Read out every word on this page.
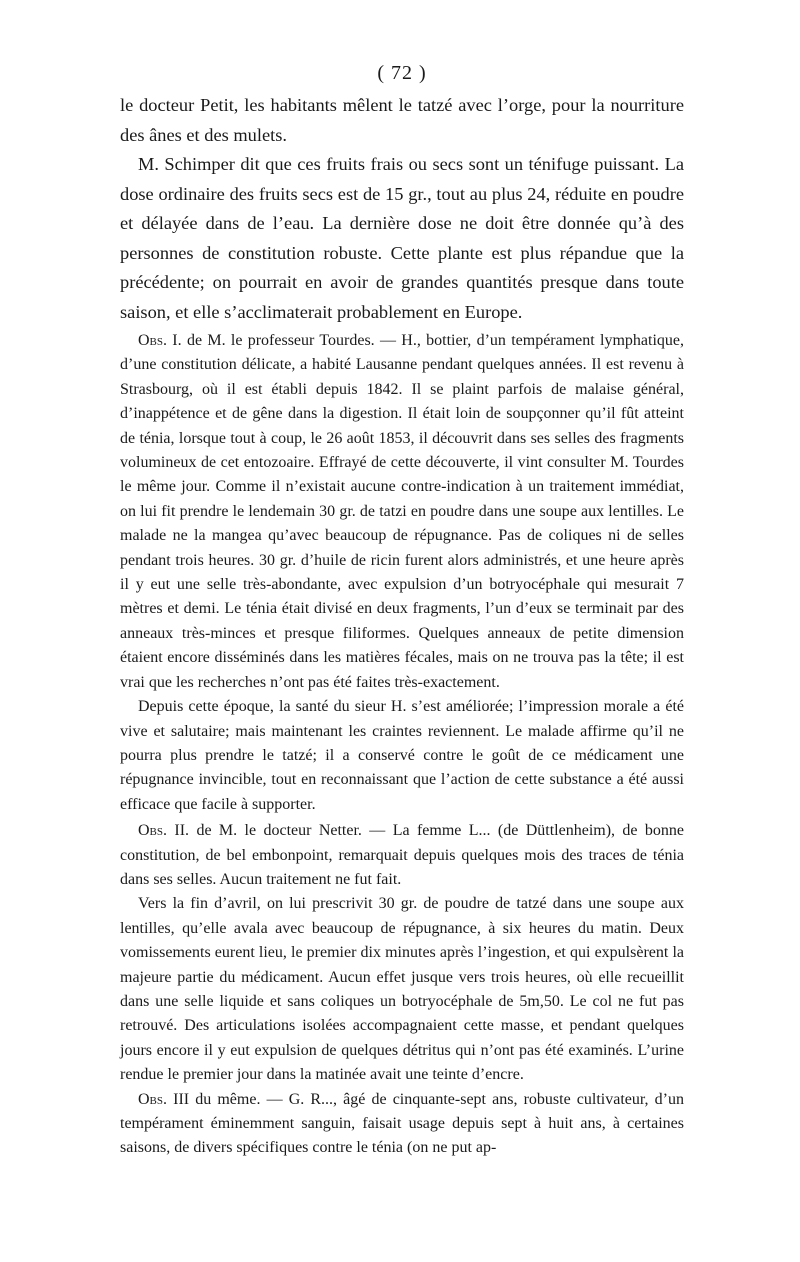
( 72 )

le docteur Petit, les habitants mêlent le tatzé avec l’orge, pour la nourriture des ânes et des mulets.

M. Schimper dit que ces fruits frais ou secs sont un ténifuge puissant. La dose ordinaire des fruits secs est de 15 gr., tout au plus 24, réduite en poudre et délayée dans de l’eau. La dernière dose ne doit être donnée qu’à des personnes de constitution robuste. Cette plante est plus répandue que la précédente; on pourrait en avoir de grandes quantités presque dans toute saison, et elle s’acclimaterait probablement en Europe.

Obs. I. de M. le professeur Tourdes. — H., bottier, d’un tempérament lymphatique, d’une constitution délicate, a habité Lausanne pendant quelques années. Il est revenu à Strasbourg, où il est établi depuis 1842. Il se plaint parfois de malaise général, d’inappétence et de gêne dans la digestion. Il était loin de soupçonner qu’il fût atteint de ténia, lorsque tout à coup, le 26 août 1853, il découvrit dans ses selles des fragments volumineux de cet entozoaire. Effrayé de cette découverte, il vint consulter M. Tourdes le même jour. Comme il n’existait aucune contre-indication à un traitement immédiat, on lui fit prendre le lendemain 30 gr. de tatzi en poudre dans une soupe aux lentilles. Le malade ne la mangea qu’avec beaucoup de répugnance. Pas de coliques ni de selles pendant trois heures. 30 gr. d’huile de ricin furent alors administrés, et une heure après il y eut une selle très-abondante, avec expulsion d’un botryocéphale qui mesurait 7 mètres et demi. Le ténia était divisé en deux fragments, l’un d’eux se terminait par des anneaux très-minces et presque filiformes. Quelques anneaux de petite dimension étaient encore disséminés dans les matières fécales, mais on ne trouva pas la tête; il est vrai que les recherches n’ont pas été faites très-exactement.

Depuis cette époque, la santé du sieur H. s’est améliorée; l’impression morale a été vive et salutaire; mais maintenant les craintes reviennent. Le malade affirme qu’il ne pourra plus prendre le tatzé; il a conservé contre le goût de ce médicament une répugnance invincible, tout en reconnaissant que l’action de cette substance a été aussi efficace que facile à supporter.

Obs. II. de M. le docteur Netter. — La femme L... (de Düttlenheim), de bonne constitution, de bel embonpoint, remarquait depuis quelques mois des traces de ténia dans ses selles. Aucun traitement ne fut fait.

Vers la fin d’avril, on lui prescrivit 30 gr. de poudre de tatzé dans une soupe aux lentilles, qu’elle avala avec beaucoup de répugnance, à six heures du matin. Deux vomissements eurent lieu, le premier dix minutes après l’ingestion, et qui expulsèrent la majeure partie du médicament. Aucun effet jusque vers trois heures, où elle recueillit dans une selle liquide et sans coliques un botryocéphale de 5m,50. Le col ne fut pas retrouvé. Des articulations isolées accompagnaient cette masse, et pendant quelques jours encore il y eut expulsion de quelques détritus qui n’ont pas été examinés. L’urine rendue le premier jour dans la matinée avait une teinte d’encre.

Obs. III du même. — G. R..., âgé de cinquante-sept ans, robuste cultivateur, d’un tempérament éminemment sanguin, faisait usage depuis sept à huit ans, à certaines saisons, de divers spécifiques contre le ténia (on ne put ap-
